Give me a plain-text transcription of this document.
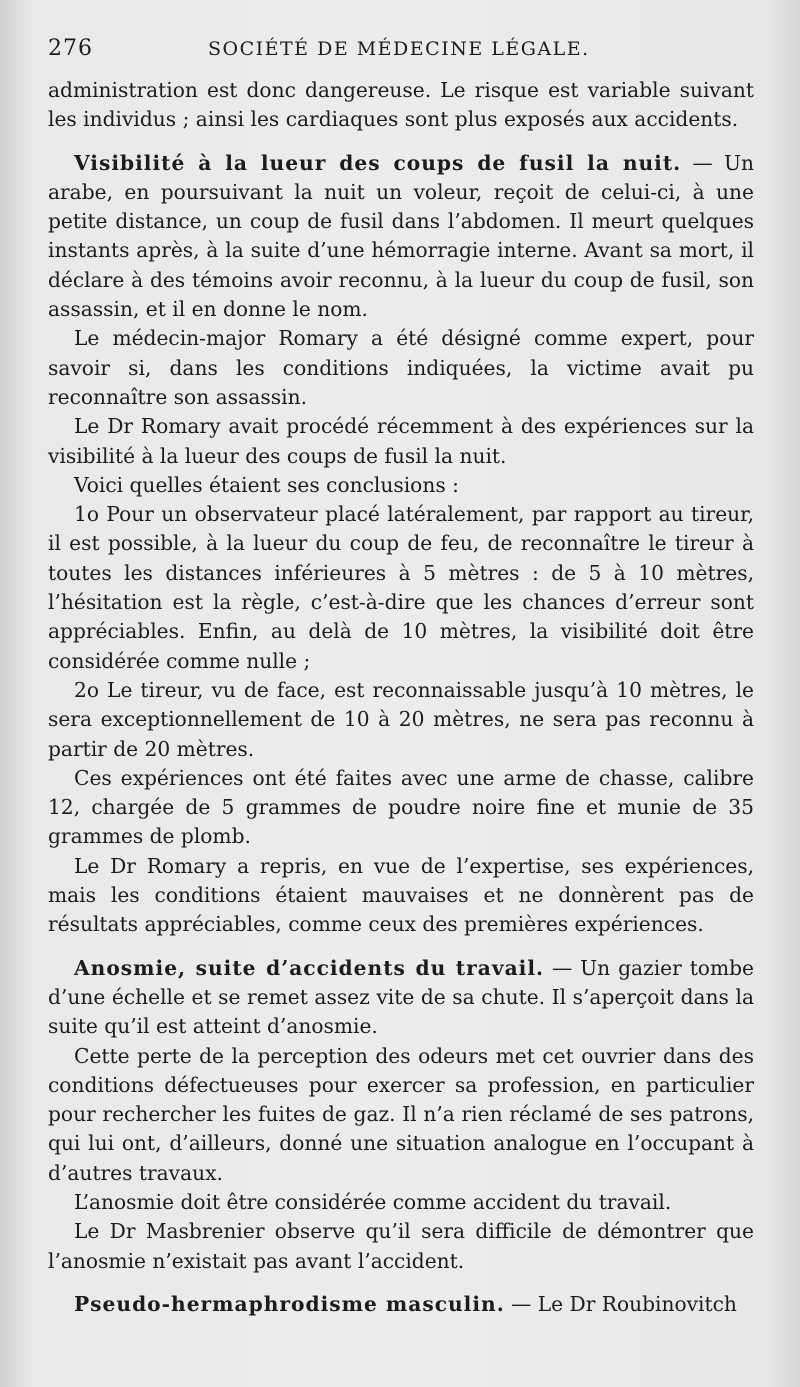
276	SOCIÉTÉ DE MÉDECINE LÉGALE.

administration est donc dangereuse. Le risque est variable suivant les individus ; ainsi les cardiaques sont plus exposés aux accidents.

Visibilité à la lueur des coups de fusil la nuit. — Un arabe, en poursuivant la nuit un voleur, reçoit de celui-ci, à une petite distance, un coup de fusil dans l’abdomen. Il meurt quelques instants après, à la suite d’une hémorragie interne. Avant sa mort, il déclare à des témoins avoir reconnu, à la lueur du coup de fusil, son assassin, et il en donne le nom.

Le médecin-major Romary a été désigné comme expert, pour savoir si, dans les conditions indiquées, la victime avait pu reconnaître son assassin.

Le Dr Romary avait procédé récemment à des expériences sur la visibilité à la lueur des coups de fusil la nuit.

Voici quelles étaient ses conclusions :

1o Pour un observateur placé latéralement, par rapport au tireur, il est possible, à la lueur du coup de feu, de reconnaître le tireur à toutes les distances inférieures à 5 mètres : de 5 à 10 mètres, l’hésitation est la règle, c’est-à-dire que les chances d’erreur sont appréciables. Enfin, au delà de 10 mètres, la visibilité doit être considérée comme nulle ;

2o Le tireur, vu de face, est reconnaissable jusqu’à 10 mètres, le sera exceptionnellement de 10 à 20 mètres, ne sera pas reconnu à partir de 20 mètres.

Ces expériences ont été faites avec une arme de chasse, calibre 12, chargée de 5 grammes de poudre noire fine et munie de 35 grammes de plomb.

Le Dr Romary a repris, en vue de l’expertise, ses expériences, mais les conditions étaient mauvaises et ne donnèrent pas de résultats appréciables, comme ceux des premières expériences.

Anosmie, suite d’accidents du travail. — Un gazier tombe d’une échelle et se remet assez vite de sa chute. Il s’aperçoit dans la suite qu’il est atteint d’anosmie.

Cette perte de la perception des odeurs met cet ouvrier dans des conditions défectueuses pour exercer sa profession, en particulier pour rechercher les fuites de gaz. Il n’a rien réclamé de ses patrons, qui lui ont, d’ailleurs, donné une situation analogue en l’occupant à d’autres travaux.

L’anosmie doit être considérée comme accident du travail.

Le Dr Masbrenier observe qu’il sera difficile de démontrer que l’anosmie n’existait pas avant l’accident.

Pseudo-hermaphrodisme masculin. — Le Dr Roubinovitch
